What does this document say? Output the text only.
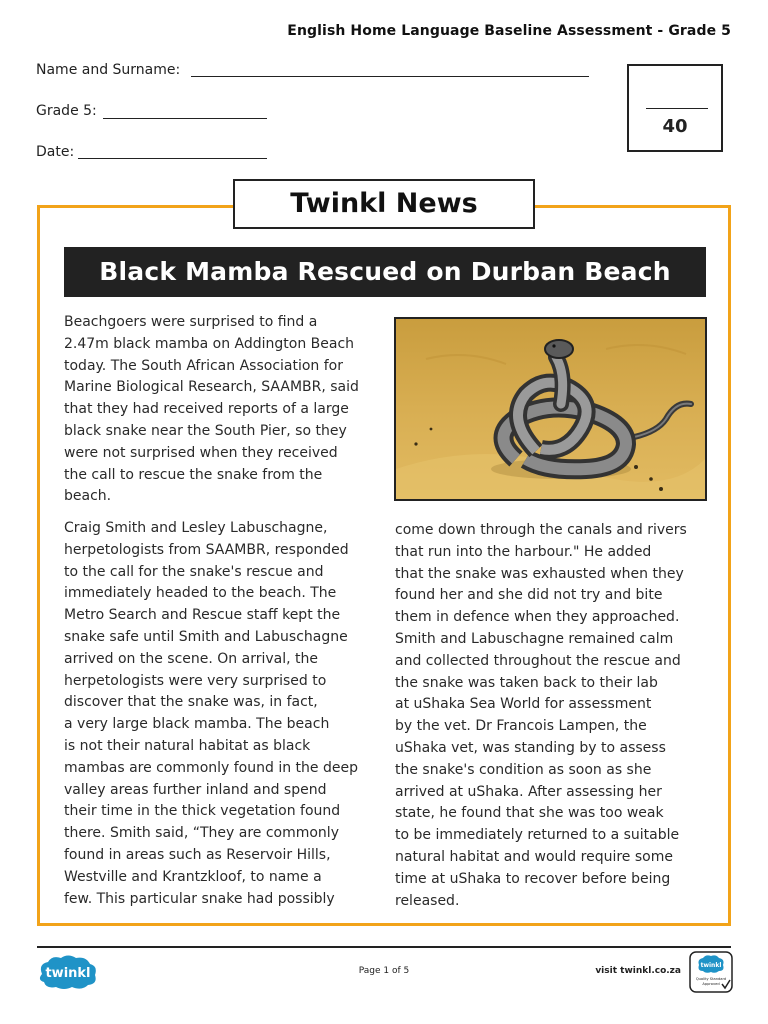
English Home Language Baseline Assessment - Grade 5
Name and Surname:
Grade 5:
Date:
40
Twinkl News
Black Mamba Rescued on Durban Beach
Beachgoers were surprised to find a
2.47m black mamba on Addington Beach
today. The South African Association for
Marine Biological Research, SAAMBR, said
that they had received reports of a large
black snake near the South Pier, so they
were not surprised when they received
the call to rescue the snake from the
beach.
Craig Smith and Lesley Labuschagne,
herpetologists from SAAMBR, responded
to the call for the snake's rescue and
immediately headed to the beach. The
Metro Search and Rescue staff kept the
snake safe until Smith and Labuschagne
arrived on the scene. On arrival, the
herpetologists were very surprised to
discover that the snake was, in fact,
a very large black mamba. The beach
is not their natural habitat as black
mambas are commonly found in the deep
valley areas further inland and spend
their time in the thick vegetation found
there. Smith said, “They are commonly
found in areas such as Reservoir Hills,
Westville and Krantzkloof, to name a
few. This particular snake had possibly
come down through the canals and rivers
that run into the harbour." He added
that the snake was exhausted when they
found her and she did not try and bite
them in defence when they approached.
Smith and Labuschagne remained calm
and collected throughout the rescue and
the snake was taken back to their lab
at uShaka Sea World for assessment
by the vet. Dr Francois Lampen, the
uShaka vet, was standing by to assess
the snake's condition as soon as she
arrived at uShaka. After assessing her
state, he found that she was too weak
to be immediately returned to a suitable
natural habitat and would require some
time at uShaka to recover before being
released.
twinkl	Page 1 of 5	visit twinkl.co.za
twinkl
Quality Standard
Approved
